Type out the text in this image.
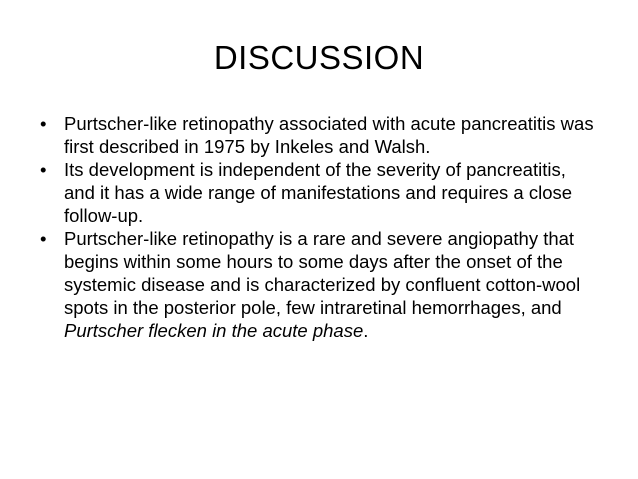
DISCUSSION
• Purtscher-like retinopathy associated with acute pancreatitis was first described in 1975 by Inkeles and Walsh.
• Its development is independent of the severity of pancreatitis, and it has a wide range of manifestations and requires a close follow-up.
• Purtscher-like retinopathy is a rare and severe angiopathy that begins within some hours to some days after the onset of the systemic disease and is characterized by confluent cotton-wool spots in the posterior pole, few intraretinal hemorrhages, and Purtscher flecken in the acute phase.
